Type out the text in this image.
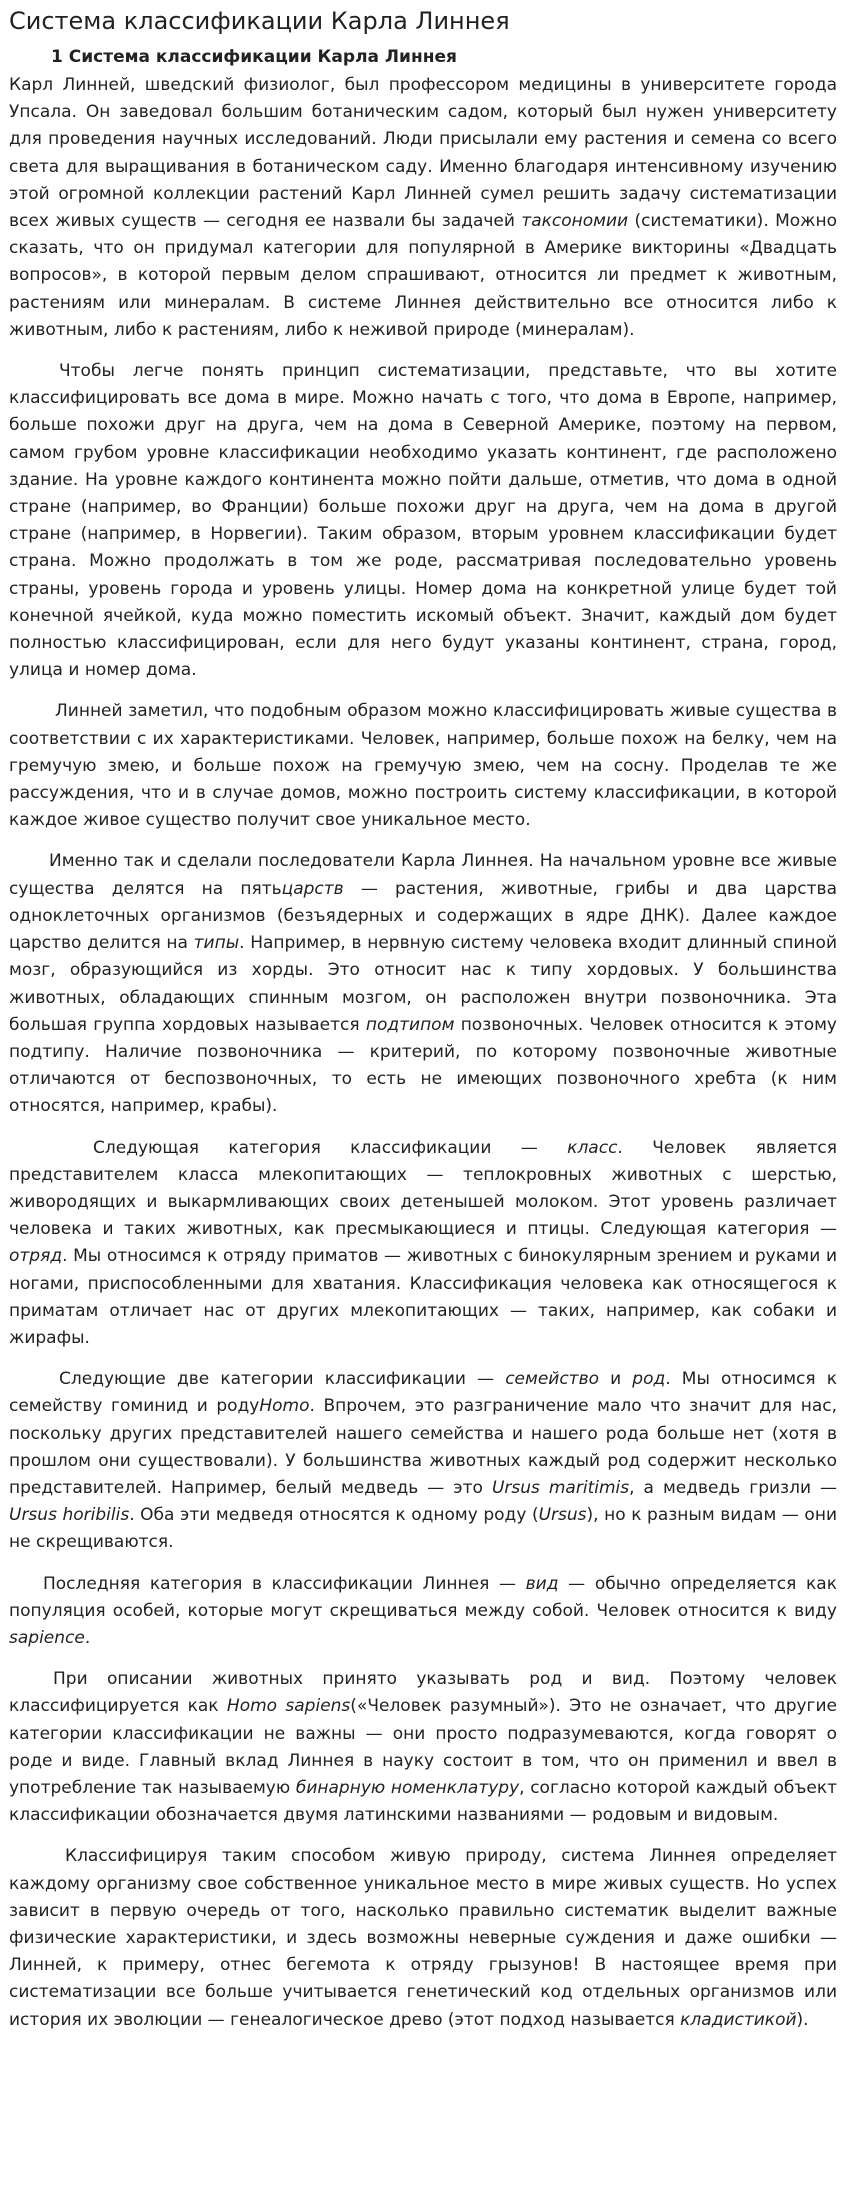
Система классификации Карла Линнея
1 Система классификации Карла Линнея

Карл Линней, шведский физиолог, был профессором медицины в университете города Упсала. Он заведовал большим ботаническим садом, который был нужен университету для проведения научных исследований. Люди присылали ему растения и семена со всего света для выращивания в ботаническом саду. Именно благодаря интенсивному изучению этой огромной коллекции растений Карл Линней сумел решить задачу систематизации всех живых существ — сегодня ее назвали бы задачей таксономии (систематики). Можно сказать, что он придумал категории для популярной в Америке викторины «Двадцать вопросов», в которой первым делом спрашивают, относится ли предмет к животным, растениям или минералам. В системе Линнея действительно все относится либо к животным, либо к растениям, либо к неживой природе (минералам).

Чтобы легче понять принцип систематизации, представьте, что вы хотите классифицировать все дома в мире. Можно начать с того, что дома в Европе, например, больше похожи друг на друга, чем на дома в Северной Америке, поэтому на первом, самом грубом уровне классификации необходимо указать континент, где расположено здание. На уровне каждого континента можно пойти дальше, отметив, что дома в одной стране (например, во Франции) больше похожи друг на друга, чем на дома в другой стране (например, в Норвегии). Таким образом, вторым уровнем классификации будет страна. Можно продолжать в том же роде, рассматривая последовательно уровень страны, уровень города и уровень улицы. Номер дома на конкретной улице будет той конечной ячейкой, куда можно поместить искомый объект. Значит, каждый дом будет полностью классифицирован, если для него будут указаны континент, страна, город, улица и номер дома.

Линней заметил, что подобным образом можно классифицировать живые существа в соответствии с их характеристиками. Человек, например, больше похож на белку, чем на гремучую змею, и больше похож на гремучую змею, чем на сосну. Проделав те же рассуждения, что и в случае домов, можно построить систему классификации, в которой каждое живое существо получит свое уникальное место.

Именно так и сделали последователи Карла Линнея. На начальном уровне все живые существа делятся на пятьцарств — растения, животные, грибы и два царства одноклеточных организмов (безъядерных и содержащих в ядре ДНК). Далее каждое царство делится на типы. Например, в нервную систему человека входит длинный спиной мозг, образующийся из хорды. Это относит нас к типу хордовых. У большинства животных, обладающих спинным мозгом, он расположен внутри позвоночника. Эта большая группа хордовых называется подтипом позвоночных. Человек относится к этому подтипу. Наличие позвоночника — критерий, по которому позвоночные животные отличаются от беспозвоночных, то есть не имеющих позвоночного хребта (к ним относятся, например, крабы).

Следующая категория классификации — класс. Человек является представителем класса млекопитающих — теплокровных животных с шерстью, живородящих и выкармливающих своих детенышей молоком. Этот уровень различает человека и таких животных, как пресмыкающиеся и птицы. Следующая категория —отряд. Мы относимся к отряду приматов — животных с бинокулярным зрением и руками и ногами, приспособленными для хватания. Классификация человека как относящегося к приматам отличает нас от других млекопитающих — таких, например, как собаки и жирафы.

Следующие две категории классификации — семейство и род. Мы относимся к семейству гоминид и родуHomo. Впрочем, это разграничение мало что значит для нас, поскольку других представителей нашего семейства и нашего рода больше нет (хотя в прошлом они существовали). У большинства животных каждый род содержит несколько представителей. Например, белый медведь — это Ursus maritimis, а медведь гризли — Ursus horibilis. Оба эти медведя относятся к одному роду (Ursus), но к разным видам — они не скрещиваются.

Последняя категория в классификации Линнея — вид — обычно определяется как популяция особей, которые могут скрещиваться между собой. Человек относится к виду sapience.

При описании животных принято указывать род и вид. Поэтому человек классифицируется как Homo sapiens(«Человек разумный»). Это не означает, что другие категории классификации не важны — они просто подразумеваются, когда говорят о роде и виде. Главный вклад Линнея в науку состоит в том, что он применил и ввел в употребление так называемую бинарную номенклатуру, согласно которой каждый объект классификации обозначается двумя латинскими названиями — родовым и видовым.

Классифицируя таким способом живую природу, система Линнея определяет каждому организму свое собственное уникальное место в мире живых существ. Но успех зависит в первую очередь от того, насколько правильно систематик выделит важные физические характеристики, и здесь возможны неверные суждения и даже ошибки — Линней, к примеру, отнес бегемота к отряду грызунов! В настоящее время при систематизации все больше учитывается генетический код отдельных организмов или история их эволюции — генеалогическое древо (этот подход называется кладистикой).
